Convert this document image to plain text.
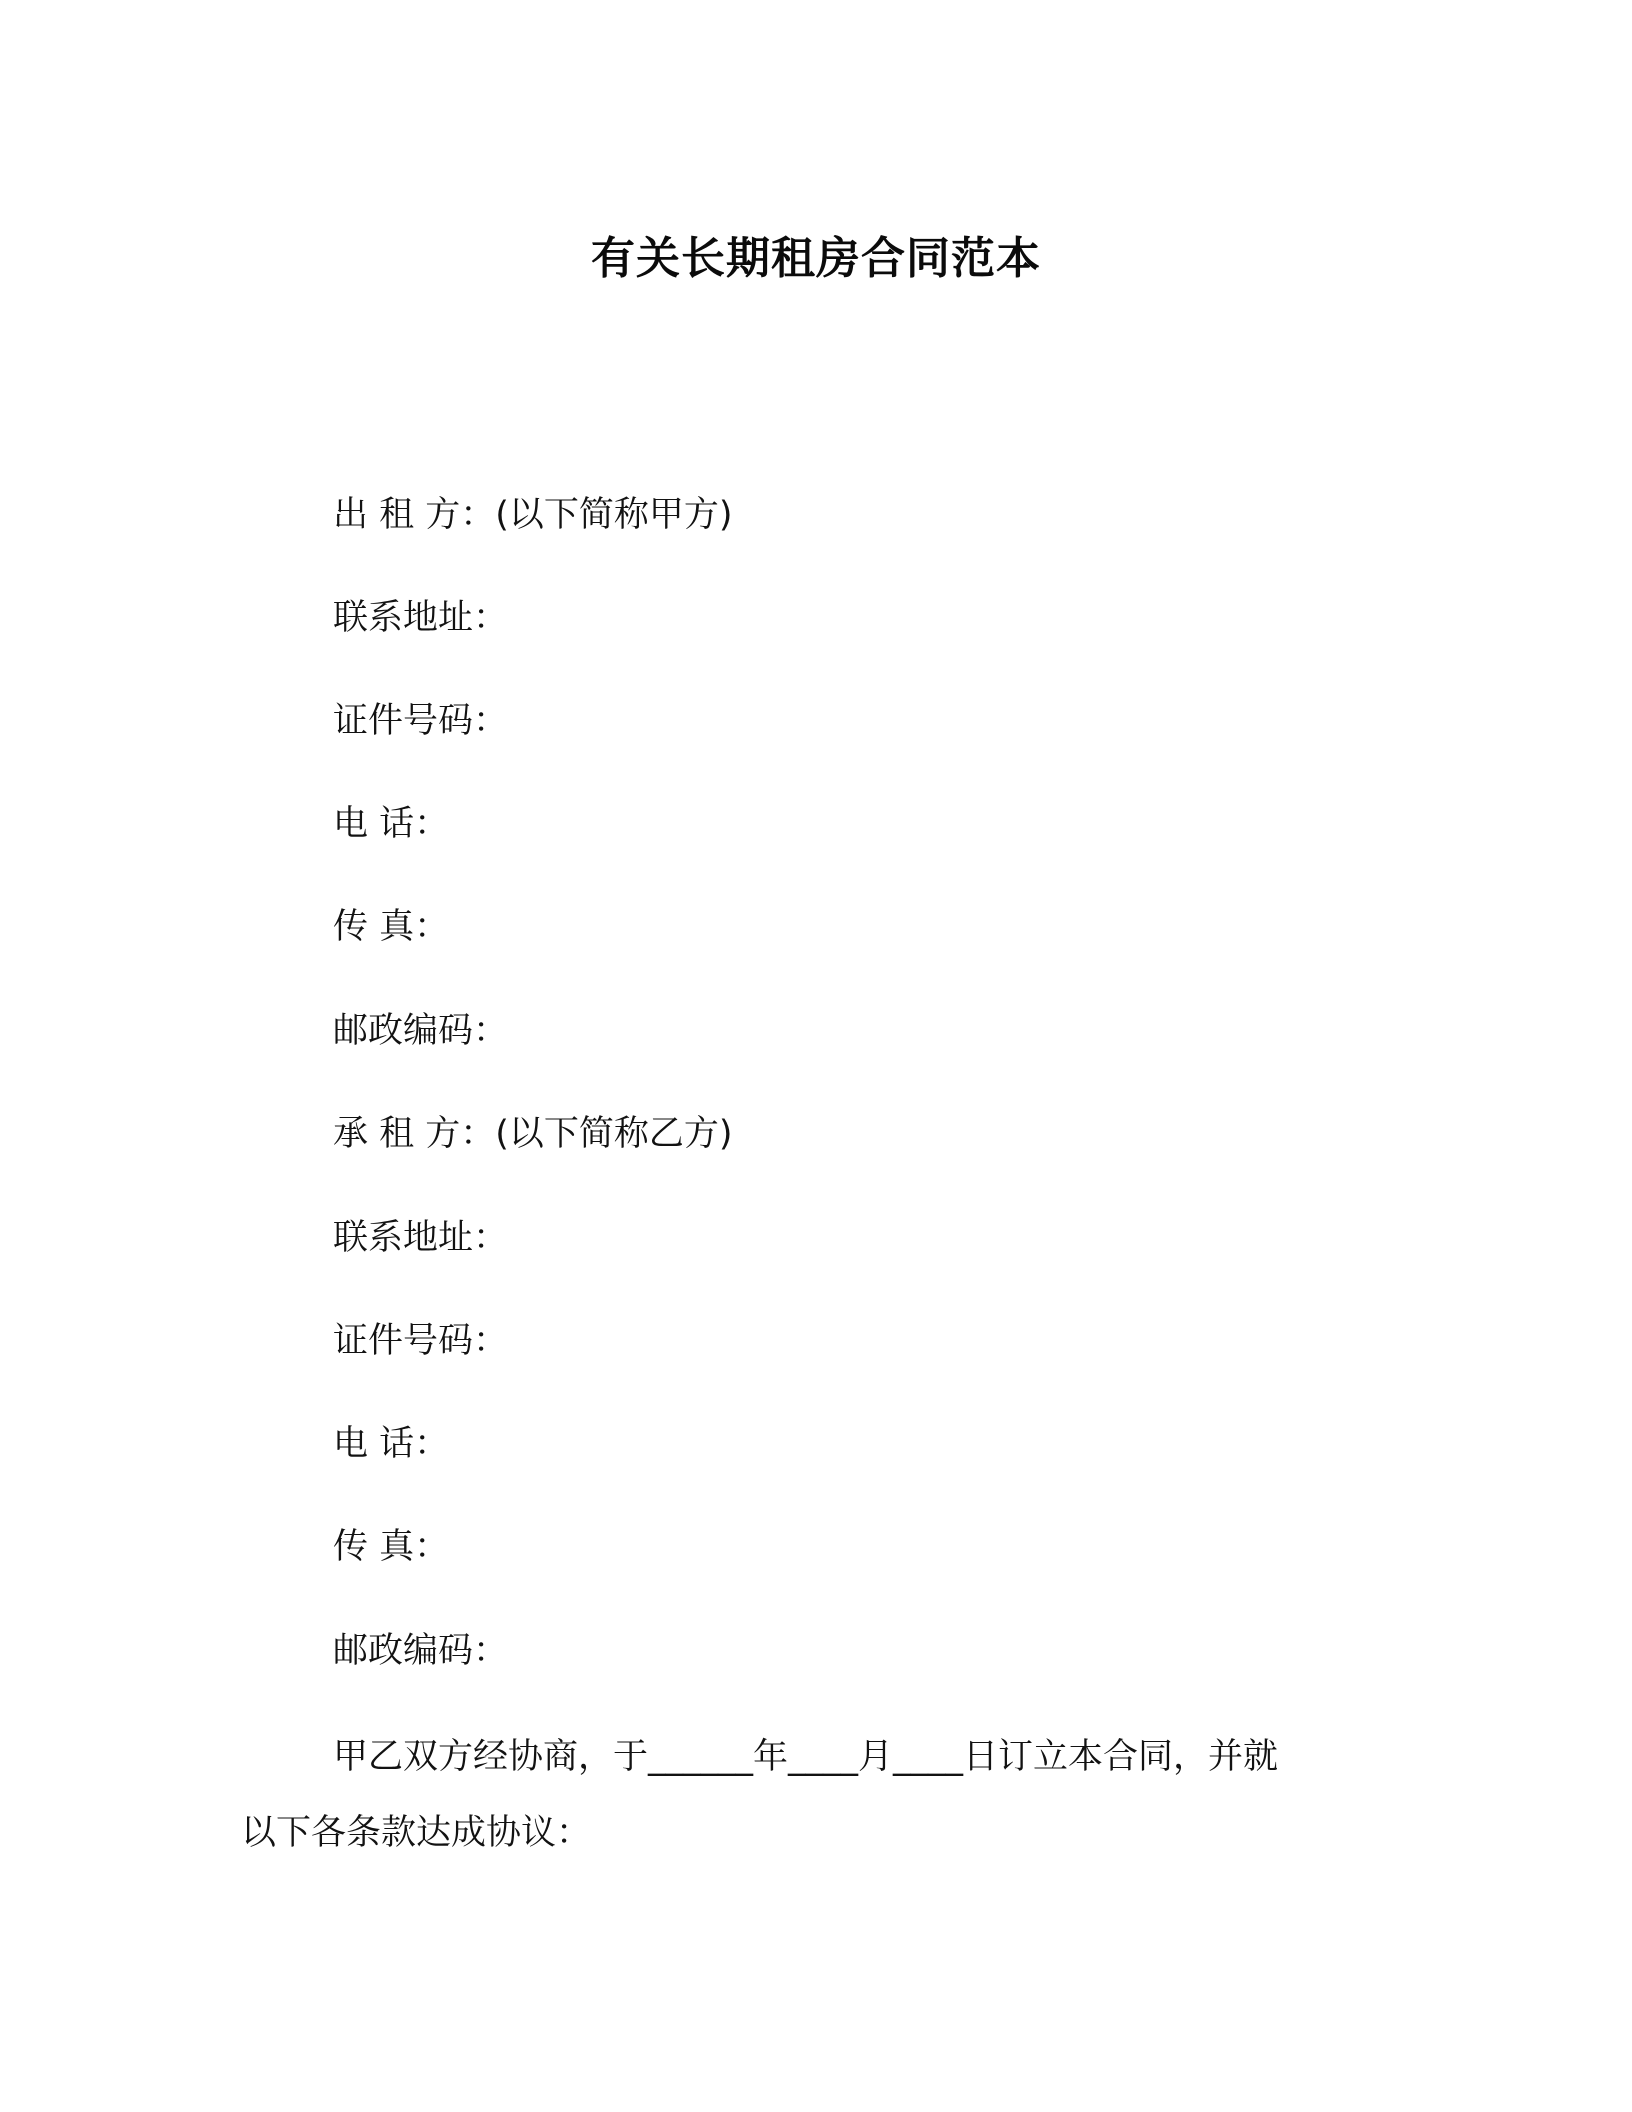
有关长期租房合同范本
出 租 方：(以下简称甲方)
联系地址：
证件号码：
电 话：
传 真：
邮政编码：
承 租 方：(以下简称乙方)
联系地址：
证件号码：
电 话：
传 真：
邮政编码：
甲乙双方经协商，于______年____月____日订立本合同，并就
以下各条款达成协议：
